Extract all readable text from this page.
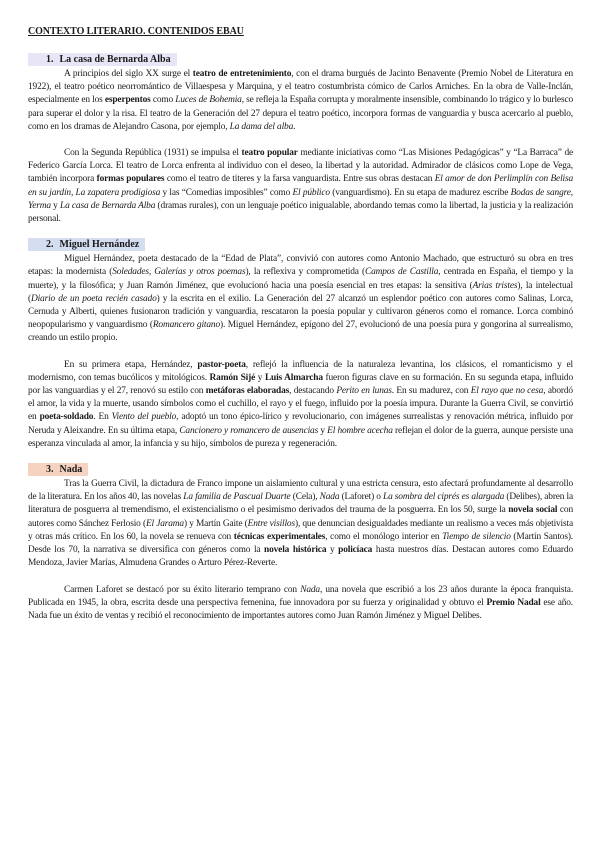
CONTEXTO LITERARIO. CONTENIDOS EBAU
1. La casa de Bernarda Alba

A principios del siglo XX surge el teatro de entretenimiento, con el drama burgués de Jacinto Benavente (Premio Nobel de Literatura en 1922), el teatro poético neorromántico de Villaespesa y Marquina, y el teatro costumbrista cómico de Carlos Arniches. En la obra de Valle-Inclán, especialmente en los esperpentos como Luces de Bohemia, se refleja la España corrupta y moralmente insensible, combinando lo trágico y lo burlesco para superar el dolor y la risa. El teatro de la Generación del 27 depura el teatro poético, incorpora formas de vanguardia y busca acercarlo al pueblo, como en los dramas de Alejandro Casona, por ejemplo, La dama del alba.

Con la Segunda República (1931) se impulsa el teatro popular mediante iniciativas como “Las Misiones Pedagógicas” y “La Barraca” de Federico García Lorca. El teatro de Lorca enfrenta al individuo con el deseo, la libertad y la autoridad. Admirador de clásicos como Lope de Vega, también incorpora formas populares como el teatro de títeres y la farsa vanguardista. Entre sus obras destacan El amor de don Perlimplín con Belisa en su jardín, La zapatera prodigiosa y las “Comedias imposibles” como El público (vanguardismo). En su etapa de madurez escribe Bodas de sangre, Yerma y La casa de Bernarda Alba (dramas rurales), con un lenguaje poético inigualable, abordando temas como la libertad, la justicia y la realización personal.

2. Miguel Hernández

Miguel Hernández, poeta destacado de la “Edad de Plata”, convivió con autores como Antonio Machado, que estructuró su obra en tres etapas: la modernista (Soledades, Galerías y otros poemas), la reflexiva y comprometida (Campos de Castilla, centrada en España, el tiempo y la muerte), y la filosófica; y Juan Ramón Jiménez, que evolucionó hacia una poesía esencial en tres etapas: la sensitiva (Arias tristes), la intelectual (Diario de un poeta recién casado) y la escrita en el exilio. La Generación del 27 alcanzó un esplendor poético con autores como Salinas, Lorca, Cernuda y Alberti, quienes fusionaron tradición y vanguardia, rescataron la poesía popular y cultivaron géneros como el romance. Lorca combinó neopopularismo y vanguardismo (Romancero gitano). Miguel Hernández, epígono del 27, evolucionó de una poesía pura y gongorina al surrealismo, creando un estilo propio.

En su primera etapa, Hernández, pastor-poeta, reflejó la influencia de la naturaleza levantina, los clásicos, el romanticismo y el modernismo, con temas bucólicos y mitológicos. Ramón Sijé y Luis Almarcha fueron figuras clave en su formación. En su segunda etapa, influido por las vanguardias y el 27, renovó su estilo con metáforas elaboradas, destacando Perito en lunas. En su madurez, con El rayo que no cesa, abordó el amor, la vida y la muerte, usando símbolos como el cuchillo, el rayo y el fuego, influido por la poesía impura. Durante la Guerra Civil, se convirtió en poeta-soldado. En Viento del pueblo, adoptó un tono épico-lírico y revolucionario, con imágenes surrealistas y renovación métrica, influido por Neruda y Aleixandre. En su última etapa, Cancionero y romancero de ausencias y El hombre acecha reflejan el dolor de la guerra, aunque persiste una esperanza vinculada al amor, la infancia y su hijo, símbolos de pureza y regeneración.

3. Nada

Tras la Guerra Civil, la dictadura de Franco impone un aislamiento cultural y una estricta censura, esto afectará profundamente al desarrollo de la literatura. En los años 40, las novelas La familia de Pascual Duarte (Cela), Nada (Laforet) o La sombra del ciprés es alargada (Delibes), abren la literatura de posguerra al tremendismo, el existencialismo o el pesimismo derivados del trauma de la posguerra. En los 50, surge la novela social con autores como Sánchez Ferlosio (El Jarama) y Martín Gaite (Entre visillos), que denuncian desigualdades mediante un realismo a veces más objetivista y otras más crítico. En los 60, la novela se renueva con técnicas experimentales, como el monólogo interior en Tiempo de silencio (Martín Santos). Desde los 70, la narrativa se diversifica con géneros como la novela histórica y policíaca hasta nuestros días. Destacan autores como Eduardo Mendoza, Javier Marías, Almudena Grandes o Arturo Pérez-Reverte.

Carmen Laforet se destacó por su éxito literario temprano con Nada, una novela que escribió a los 23 años durante la época franquista. Publicada en 1945, la obra, escrita desde una perspectiva femenina, fue innovadora por su fuerza y originalidad y obtuvo el Premio Nadal ese año. Nada fue un éxito de ventas y recibió el reconocimiento de importantes autores como Juan Ramón Jiménez y Miguel Delibes.
